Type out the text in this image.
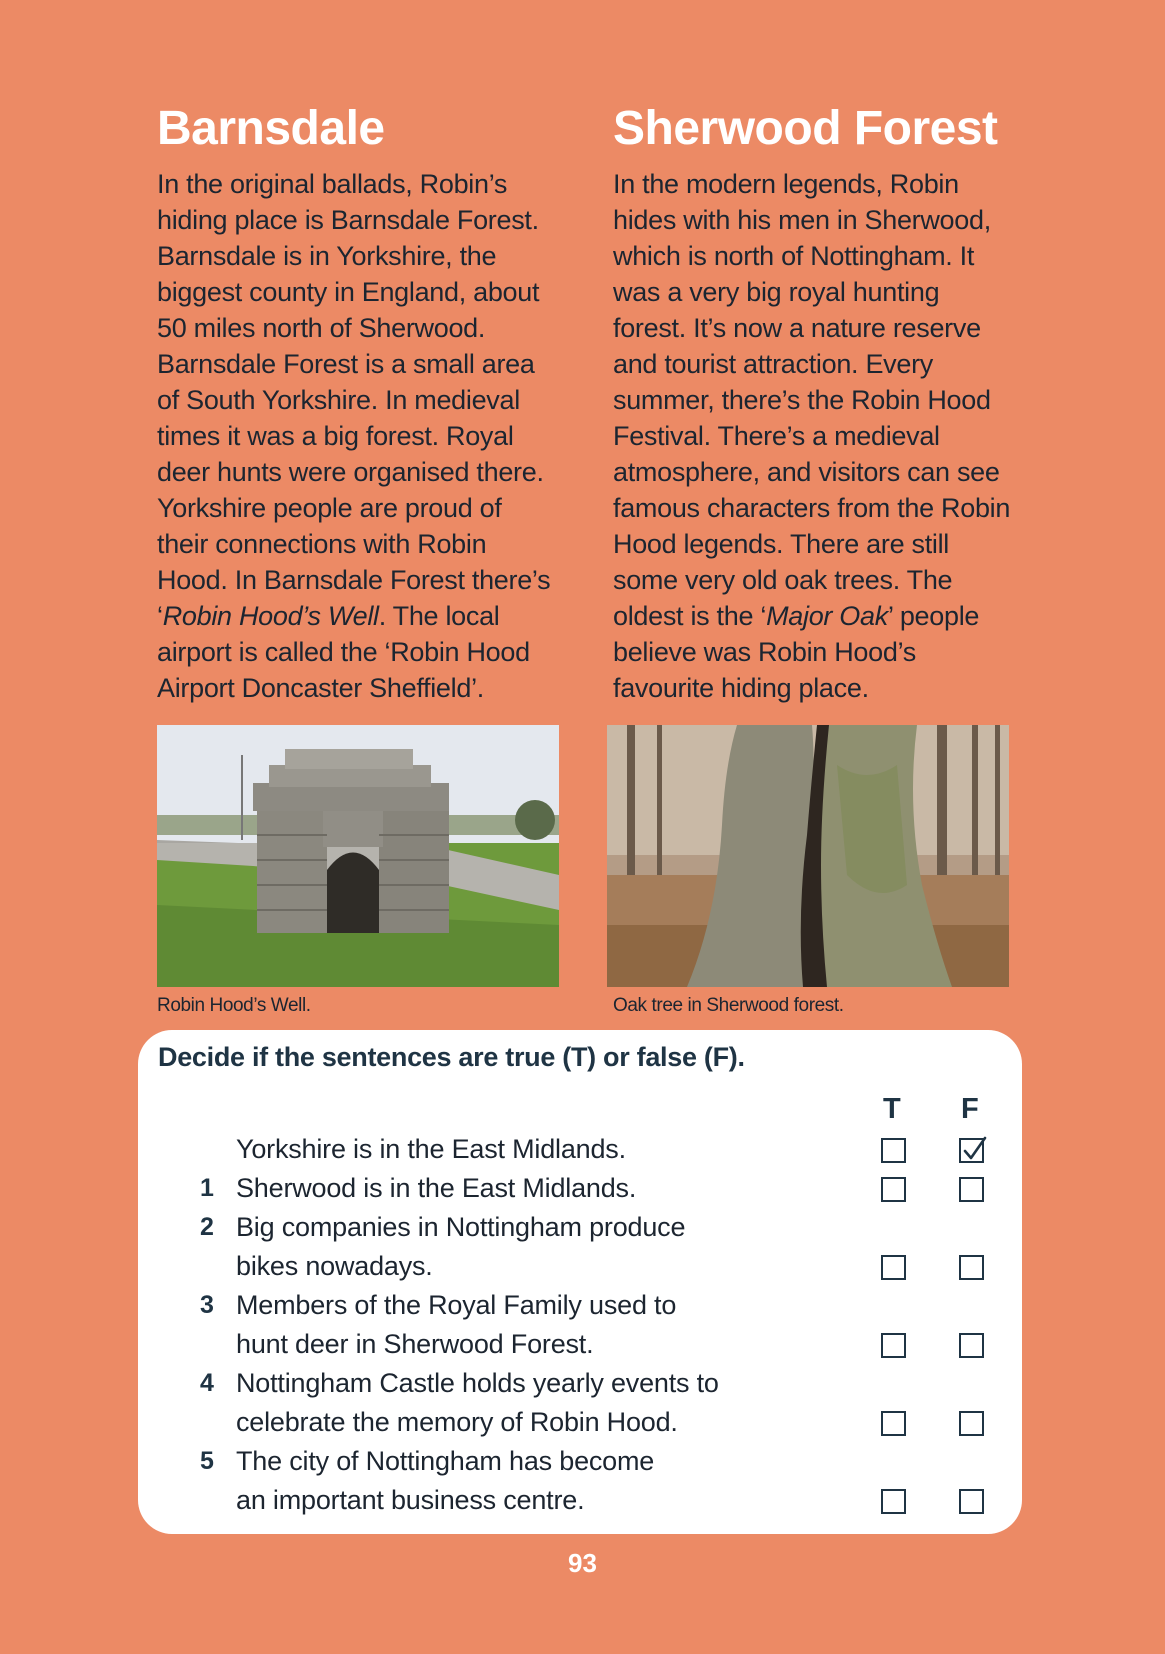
Barnsdale

In the original ballads, Robin’s hiding place is Barnsdale Forest. Barnsdale is in Yorkshire, the biggest county in England, about 50 miles north of Sherwood. Barnsdale Forest is a small area of South Yorkshire. In medieval times it was a big forest. Royal deer hunts were organised there. Yorkshire people are proud of their connections with Robin Hood. In Barnsdale Forest there’s ‘Robin Hood’s Well. The local airport is called the ‘Robin Hood Airport Doncaster Sheffield’.

Sherwood Forest

In the modern legends, Robin hides with his men in Sherwood, which is north of Nottingham. It was a very big royal hunting forest. It’s now a nature reserve and tourist attraction. Every summer, there’s the Robin Hood Festival. There’s a medieval atmosphere, and visitors can see famous characters from the Robin Hood legends. There are still some very old oak trees. The oldest is the ‘Major Oak’ people believe was Robin Hood’s favourite hiding place.

Robin Hood’s Well.	Oak tree in Sherwood forest.
Decide if the sentences are true (T) or false (F).
T F
Yorkshire is in the East Midlands.
1 Sherwood is in the East Midlands.
2 Big companies in Nottingham produce
bikes nowadays.
3 Members of the Royal Family used to
hunt deer in Sherwood Forest.
4 Nottingham Castle holds yearly events to
celebrate the memory of Robin Hood.
5 The city of Nottingham has become
an important business centre.
93
